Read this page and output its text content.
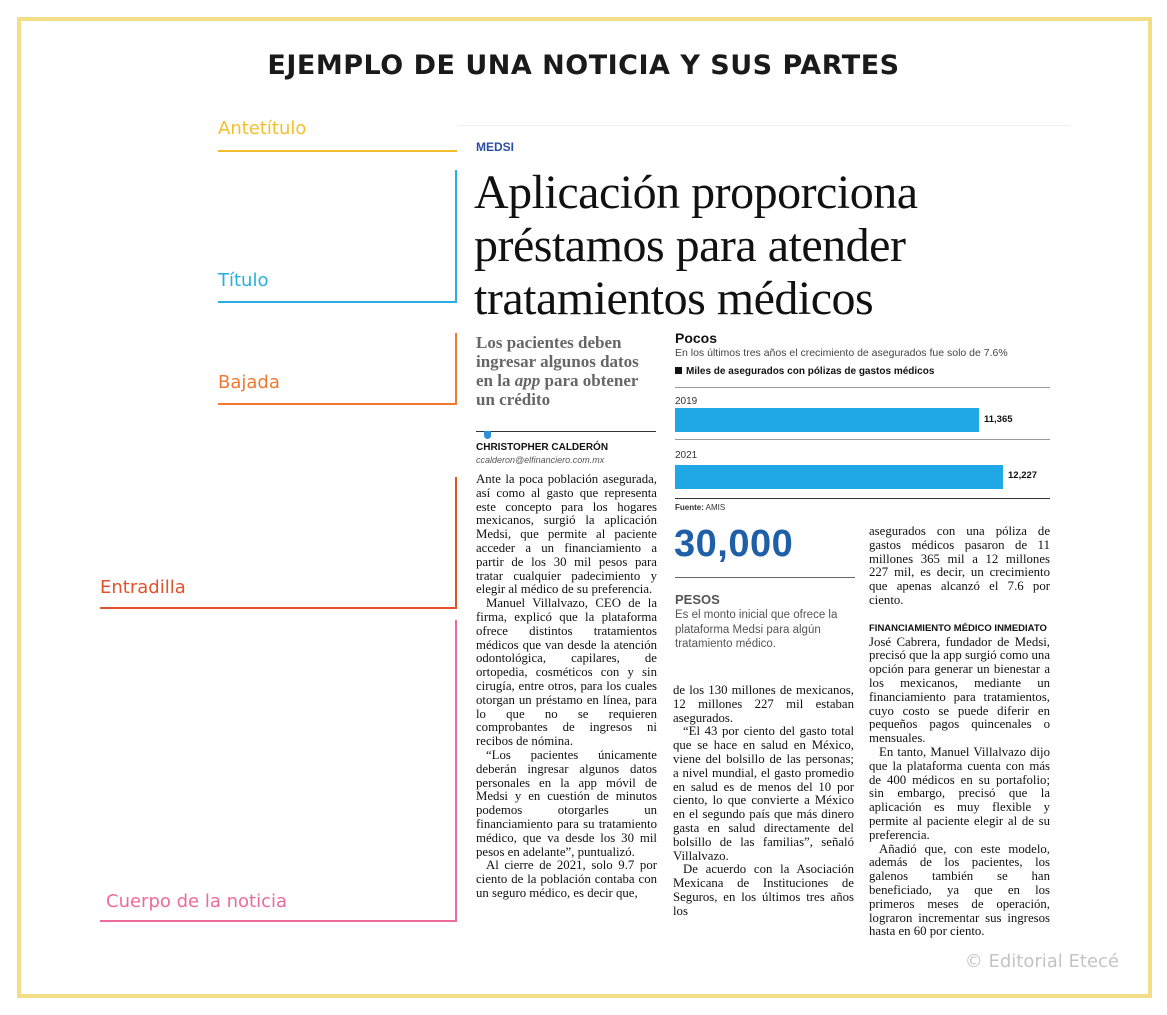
EJEMPLO DE UNA NOTICIA Y SUS PARTES
Antetítulo
Título
Bajada
Entradilla
Cuerpo de la noticia
© Editorial Etecé
MEDSI
Aplicación proporciona préstamos para atender tratamientos médicos
Los pacientes deben ingresar algunos datos en la app para obtener un crédito
CHRISTOPHER CALDERÓN
ccalderon@elfinanciero.com.mx

Ante la poca población asegurada, así como al gasto que representa este concepto para los hogares mexicanos, surgió la aplicación Medsi, que permite al paciente acceder a un financiamiento a partir de los 30 mil pesos para tratar cualquier padecimiento y elegir al médico de su preferencia.

Manuel Villalvazo, CEO de la firma, explicó que la plataforma ofrece distintos tratamientos médicos que van desde la atención odontológica, capilares, de ortopedia, cosméticos con y sin cirugía, entre otros, para los cuales otorgan un préstamo en línea, para lo que no se requieren comprobantes de ingresos ni recibos de nómina.

“Los pacientes únicamente deberán ingresar algunos datos personales en la app móvil de Medsi y en cuestión de minutos podemos otorgarles un financiamiento para su tratamiento médico, que va desde los 30 mil pesos en adelante”, puntualizó.

Al cierre de 2021, solo 9.7 por ciento de la población contaba con un seguro médico, es decir que,

Pocos
En los últimos tres años el crecimiento de asegurados fue solo de 7.6%
Miles de asegurados con pólizas de gastos médicos
2019
11,365
2021
12,227
Fuente: AMIS
30,000
PESOS
Es el monto inicial que ofrece la plataforma Medsi para algún tratamiento médico.

de los 130 millones de mexicanos, 12 millones 227 mil estaban asegurados.

“El 43 por ciento del gasto total que se hace en salud en México, viene del bolsillo de las personas; a nivel mundial, el gasto promedio en salud es de menos del 10 por ciento, lo que convierte a México en el segundo país que más dinero gasta en salud directamente del bolsillo de las familias”, señaló Villalvazo.

De acuerdo con la Asociación Mexicana de Instituciones de Seguros, en los últimos tres años los

asegurados con una póliza de gastos médicos pasaron de 11 millones 365 mil a 12 millones 227 mil, es decir, un crecimiento que apenas alcanzó el 7.6 por ciento.

FINANCIAMIENTO MÉDICO INMEDIATO

José Cabrera, fundador de Medsi, precisó que la app surgió como una opción para generar un bienestar a los mexicanos, mediante un financiamiento para tratamientos, cuyo costo se puede diferir en pequeños pagos quincenales o mensuales.

En tanto, Manuel Villalvazo dijo que la plataforma cuenta con más de 400 médicos en su portafolio; sin embargo, precisó que la aplicación es muy flexible y permite al paciente elegir al de su preferencia.

Añadió que, con este modelo, además de los pacientes, los galenos también se han beneficiado, ya que en los primeros meses de operación, lograron incrementar sus ingresos hasta en 60 por ciento.
